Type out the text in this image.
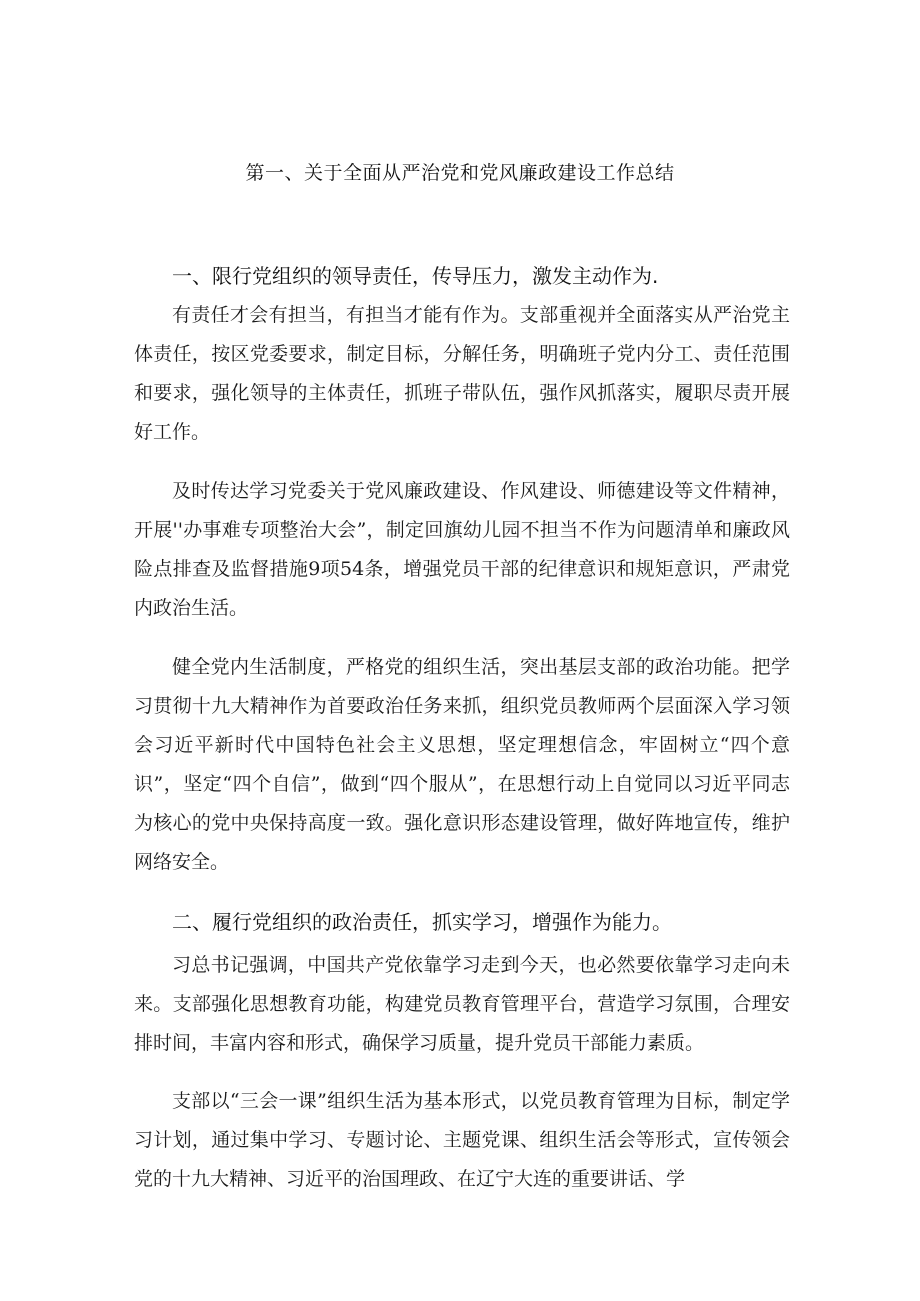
第一、关于全面从严治党和党风廉政建设工作总结
一、限行党组织的领导责任，传导压力，激发主动作为.

有责任才会有担当，有担当才能有作为。支部重视并全面落实从严治党主体责任，按区党委要求，制定目标，分解任务，明确班子党内分工、责任范围和要求，强化领导的主体责任，抓班子带队伍，强作风抓落实，履职尽责开展好工作。

及时传达学习党委关于党风廉政建设、作风建设、师德建设等文件精神，开展''办事难专项整治大会”，制定回旗幼儿园不担当不作为问题清单和廉政风险点排查及监督措施9项54条，增强党员干部的纪律意识和规矩意识，严肃党内政治生活。

健全党内生活制度，严格党的组织生活，突出基层支部的政治功能。把学习贯彻十九大精神作为首要政治任务来抓，组织党员教师两个层面深入学习领会习近平新时代中国特色社会主义思想，坚定理想信念，牢固树立“四个意识”，坚定“四个自信”，做到“四个服从”，在思想行动上自觉同以习近平同志为核心的党中央保持高度一致。强化意识形态建设管理，做好阵地宣传，维护网络安全。

二、履行党组织的政治责任，抓实学习，增强作为能力。

习总书记强调，中国共产党依靠学习走到今天，也必然要依靠学习走向未来。支部强化思想教育功能，构建党员教育管理平台，营造学习氛围，合理安排时间，丰富内容和形式，确保学习质量，提升党员干部能力素质。

支部以“三会一课”组织生活为基本形式，以党员教育管理为目标，制定学习计划，通过集中学习、专题讨论、主题党课、组织生活会等形式，宣传领会党的十九大精神、习近平的治国理政、在辽宁大连的重要讲话、学
